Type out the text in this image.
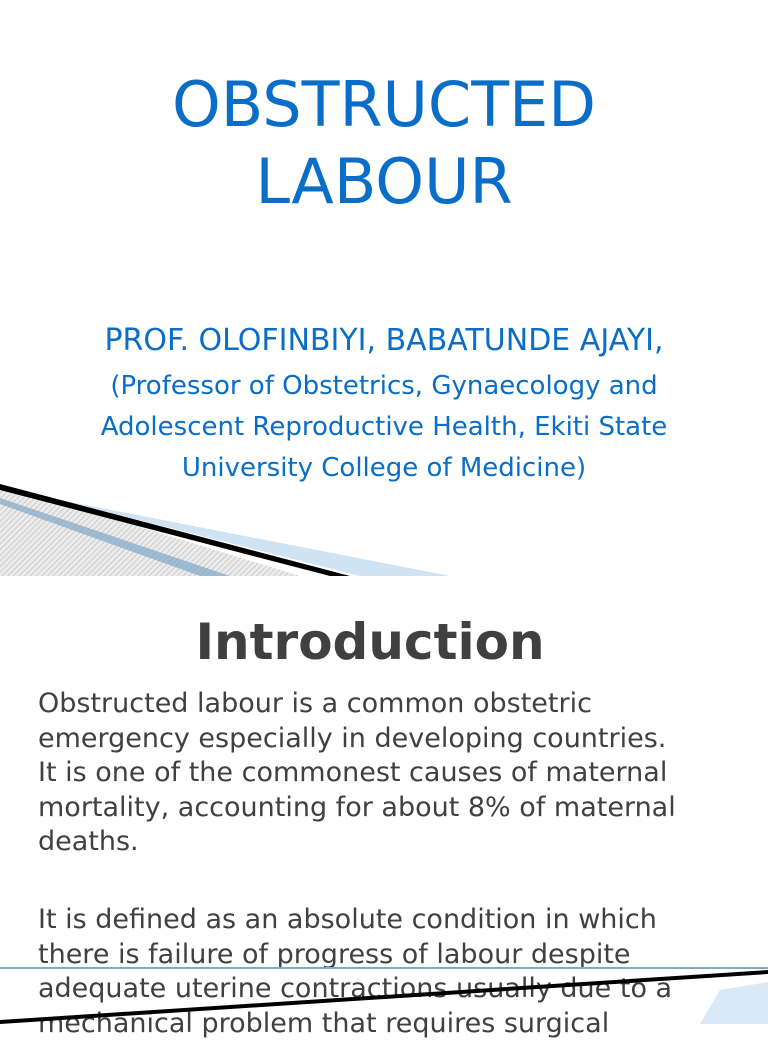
OBSTRUCTED
LABOUR

PROF. OLOFINBIYI, BABATUNDE AJAYI,

(Professor of Obstetrics, Gynaecology and
Adolescent Reproductive Health, Ekiti State
University College of Medicine)

Introduction

Obstructed labour is a common obstetric
emergency especially in developing countries.
It is one of the commonest causes of maternal
mortality, accounting for about 8% of maternal
deaths.

It is defined as an absolute condition in which
there is failure of progress of labour despite
adequate uterine contractions usually due to a
mechanical problem that requires surgical
